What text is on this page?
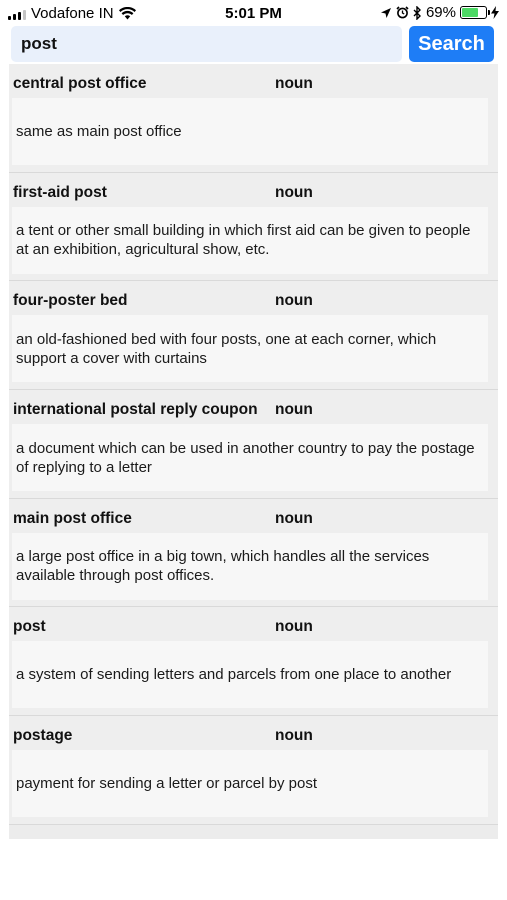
Vodafone IN	5:01 PM	69%
post
Search
central post office	noun
same as main post office
first-aid post	noun
a tent or other small building in which first aid can be given to people at an exhibition, agricultural show, etc.
four-poster bed	noun
an old-fashioned bed with four posts, one at each corner, which support a cover with curtains
international postal reply coupon noun
a document which can be used in another country to pay the postage of replying to a letter
main post office	noun
a large post office in a big town, which handles all the services available through post offices.
post	noun
a system of sending letters and parcels from one place to another
postage	noun
payment for sending a letter or parcel by post
